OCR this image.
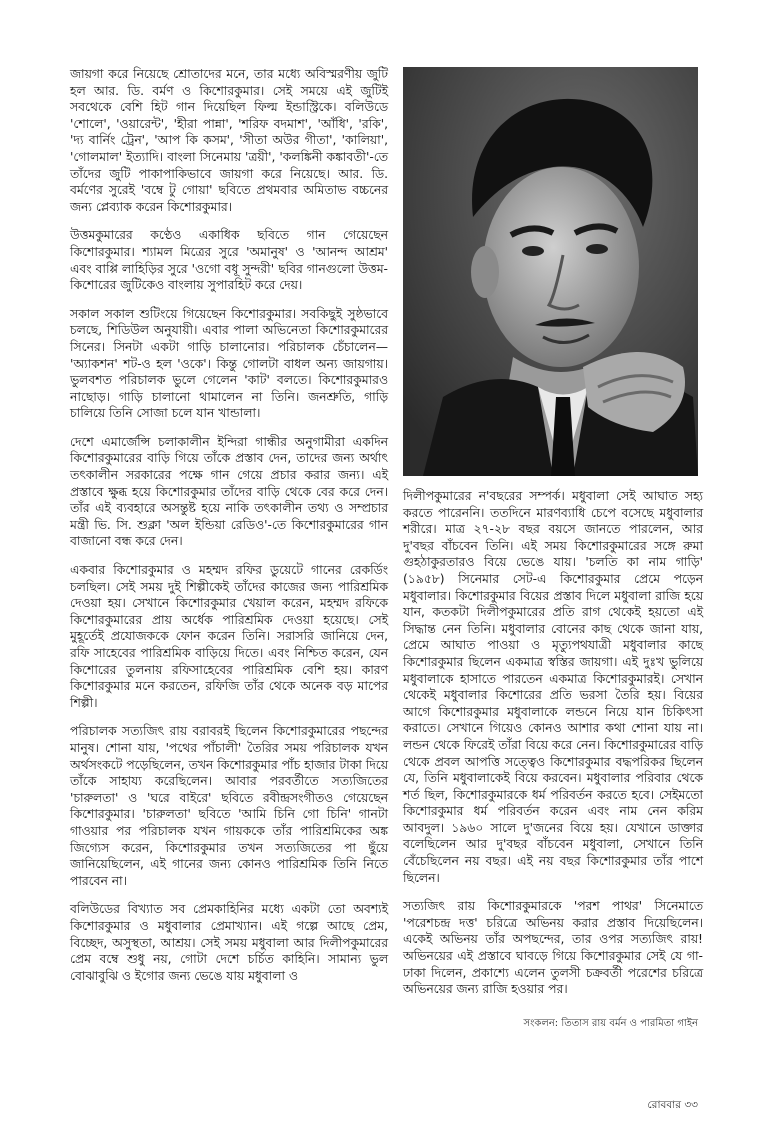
জায়গা করে নিয়েছে শ্রোতাদের মনে, তার মধ্যে অবিস্মরণীয় জুটি হল আর. ডি. বর্মণ ও কিশোরকুমার। সেই সময়ে এই জুটিই সবথেকে বেশি হিট গান দিয়েছিল ফিল্ম ইন্ডাস্ট্রিকে। বলিউডে 'শোলে', 'ওয়ারেন্ট', 'হীরা পান্না', 'শরিফ বদমাশ', 'আঁধি', 'রকি', 'দ্য বার্নিং ট্রেন', 'আপ কি কসম', 'সীতা অউর গীতা', 'কালিয়া', 'গোলমাল' ইত্যাদি। বাংলা সিনেমায় 'ত্রয়ী', 'কলঙ্কিনী কঙ্কাবতী'-তে তাঁদের জুটি পাকাপাকিভাবে জায়গা করে নিয়েছে। আর. ডি. বর্মণের সুরেই 'বম্বে টু গোয়া' ছবিতে প্রথমবার অমিতাভ বচ্চনের জন্য প্লেব্যাক করেন কিশোরকুমার।

উত্তমকুমারের কণ্ঠেও একাধিক ছবিতে গান গেয়েছেন কিশোরকুমার। শ্যামল মিত্রের সুরে 'অমানুষ' ও 'আনন্দ আশ্রম' এবং বাপ্পি লাহিড়ির সুরে 'ওগো বধূ সুন্দরী' ছবির গানগুলো উত্তম-কিশোরের জুটিকেও বাংলায় সুপারহিট করে দেয়।

সকাল সকাল শুটিংয়ে গিয়েছেন কিশোরকুমার। সবকিছুই সুষ্ঠভাবে চলছে, শিডিউল অনুযায়ী। এবার পালা অভিনেতা কিশোরকুমারের সিনের। সিনটা একটা গাড়ি চালানোর। পরিচালক চেঁচালেন— 'অ্যাকশন' শট-ও হল 'ওকে'। কিন্তু গোলটা বাধল অন্য জায়গায়। ভুলবশত পরিচালক ভুলে গেলেন 'কাট' বলতে। কিশোরকুমারও নাছোড়। গাড়ি চালানো থামালেন না তিনি। জনশ্রুতি, গাড়ি চালিয়ে তিনি সোজা চলে যান খান্ডালা।

দেশে এমার্জেন্সি চলাকালীন ইন্দিরা গান্ধীর অনুগামীরা একদিন কিশোরকুমারের বাড়ি গিয়ে তাঁকে প্রস্তাব দেন, তাদের জন্য অর্থাৎ তৎকালীন সরকারের পক্ষে গান গেয়ে প্রচার করার জন্য। এই প্রস্তাবে ক্ষুব্ধ হয়ে কিশোরকুমার তাঁদের বাড়ি থেকে বের করে দেন। তাঁর এই ব্যবহারে অসন্তুষ্ট হয়ে নাকি তৎকালীন তথ্য ও সম্প্রচার মন্ত্রী ভি. সি. শুক্লা 'অল ইন্ডিয়া রেডিও'-তে কিশোরকুমারের গান বাজানো বন্ধ করে দেন।

একবার কিশোরকুমার ও মহম্মদ রফির ডুয়েটে গানের রেকর্ডিং চলছিল। সেই সময় দুই শিল্পীকেই তাঁদের কাজের জন্য পারিশ্রমিক দেওয়া হয়। সেখানে কিশোরকুমার খেয়াল করেন, মহম্মদ রফিকে কিশোরকুমারের প্রায় অর্ধেক পারিশ্রমিক দেওয়া হয়েছে। সেই মুহূর্তেই প্রযোজককে ফোন করেন তিনি। সরাসরি জানিয়ে দেন, রফি সাহেবের পারিশ্রমিক বাড়িয়ে দিতে। এবং নিশ্চিত করেন, যেন কিশোরের তুলনায় রফিসাহেবের পারিশ্রমিক বেশি হয়। কারণ কিশোরকুমার মনে করতেন, রফিজি তাঁর থেকে অনেক বড় মাপের শিল্পী।

পরিচালক সত্যজিৎ রায় বরাবরই ছিলেন কিশোরকুমারের পছন্দের মানুষ। শোনা যায়, 'পথের পাঁচালী' তৈরির সময় পরিচালক যখন অর্থসংকটে পড়েছিলেন, তখন কিশোরকুমার পাঁচ হাজার টাকা দিয়ে তাঁকে সাহায্য করেছিলেন। আবার পরবর্তীতে সত্যজিতের 'চারুলতা' ও 'ঘরে বাইরে' ছবিতে রবীন্দ্রসংগীতও গেয়েছেন কিশোরকুমার। 'চারুলতা' ছবিতে 'আমি চিনি গো চিনি' গানটা গাওয়ার পর পরিচালক যখন গায়ককে তাঁর পারিশ্রমিকের অঙ্ক জিগ্যেস করেন, কিশোরকুমার তখন সত্যজিতের পা ছুঁয়ে জানিয়েছিলেন, এই গানের জন্য কোনও পারিশ্রমিক তিনি নিতে পারবেন না।

বলিউডের বিখ্যাত সব প্রেমকাহিনির মধ্যে একটা তো অবশ্যই কিশোরকুমার ও মধুবালার প্রেমাখ্যান। এই গল্পে আছে প্রেম, বিচ্ছেদ, অসুস্থতা, আশ্রয়। সেই সময় মধুবালা আর দিলীপকুমারের প্রেম বম্বে শুধু নয়, গোটা দেশে চর্চিত কাহিনি। সামান্য ভুল বোঝাবুঝি ও ইগোর জন্য ভেঙে যায় মধুবালা ও

দিলীপকুমারের ন'বছরের সম্পর্ক। মধুবালা সেই আঘাত সহ্য করতে পারেননি। ততদিনে মারণব্যাধি চেপে বসেছে মধুবালার শরীরে। মাত্র ২৭-২৮ বছর বয়সে জানতে পারলেন, আর দু'বছর বাঁচবেন তিনি। এই সময় কিশোরকুমারের সঙ্গে রুমা গুহঠাকুরতারও বিয়ে ভেঙে যায়। 'চলতি কা নাম গাড়ি' (১৯৫৮) সিনেমার সেট-এ কিশোরকুমার প্রেমে পড়েন মধুবালার। কিশোরকুমার বিয়ের প্রস্তাব দিলে মধুবালা রাজি হয়ে যান, কতকটা দিলীপকুমারের প্রতি রাগ থেকেই হয়তো এই সিদ্ধান্ত নেন তিনি। মধুবালার বোনের কাছ থেকে জানা যায়, প্রেমে আঘাত পাওয়া ও মৃত্যুপথযাত্রী মধুবালার কাছে কিশোরকুমার ছিলেন একমাত্র স্বস্তির জায়গা। এই দুঃখ ভুলিয়ে মধুবালাকে হাসাতে পারতেন একমাত্র কিশোরকুমারই। সেখান থেকেই মধুবালার কিশোরের প্রতি ভরসা তৈরি হয়। বিয়ের আগে কিশোরকুমার মধুবালাকে লন্ডনে নিয়ে যান চিকিৎসা করাতে। সেখানে গিয়েও কোনও আশার কথা শোনা যায় না। লন্ডন থেকে ফিরেই তাঁরা বিয়ে করে নেন। কিশোরকুমারের বাড়ি থেকে প্রবল আপত্তি সত্ত্বেও কিশোরকুমার বদ্ধপরিকর ছিলেন যে, তিনি মধুবালাকেই বিয়ে করবেন। মধুবালার পরিবার থেকে শর্ত ছিল, কিশোরকুমারকে ধর্ম পরিবর্তন করতে হবে। সেইমতো কিশোরকুমার ধর্ম পরিবর্তন করেন এবং নাম নেন করিম আবদুল। ১৯৬০ সালে দু'জনের বিয়ে হয়। যেখানে ডাক্তার বলেছিলেন আর দু'বছর বাঁচবেন মধুবালা, সেখানে তিনি বেঁচেছিলেন নয় বছর। এই নয় বছর কিশোরকুমার তাঁর পাশে ছিলেন।

সত্যজিৎ রায় কিশোরকুমারকে 'পরশ পাথর' সিনেমাতে 'পরেশচন্দ্র দত্ত' চরিত্রে অভিনয় করার প্রস্তাব দিয়েছিলেন। একেই অভিনয় তাঁর অপছন্দের, তার ওপর সত্যজিৎ রায়! অভিনয়ের এই প্রস্তাবে ঘাবড়ে গিয়ে কিশোরকুমার সেই যে গা-ঢাকা দিলেন, প্রকাশ্যে এলেন তুলসী চক্রবর্তী পরেশের চরিত্রে অভিনয়ের জন্য রাজি হওয়ার পর।

সংকলন: তিতাস রায় বর্মন ও পারমিতা গাইন
রোববার ৩৩
